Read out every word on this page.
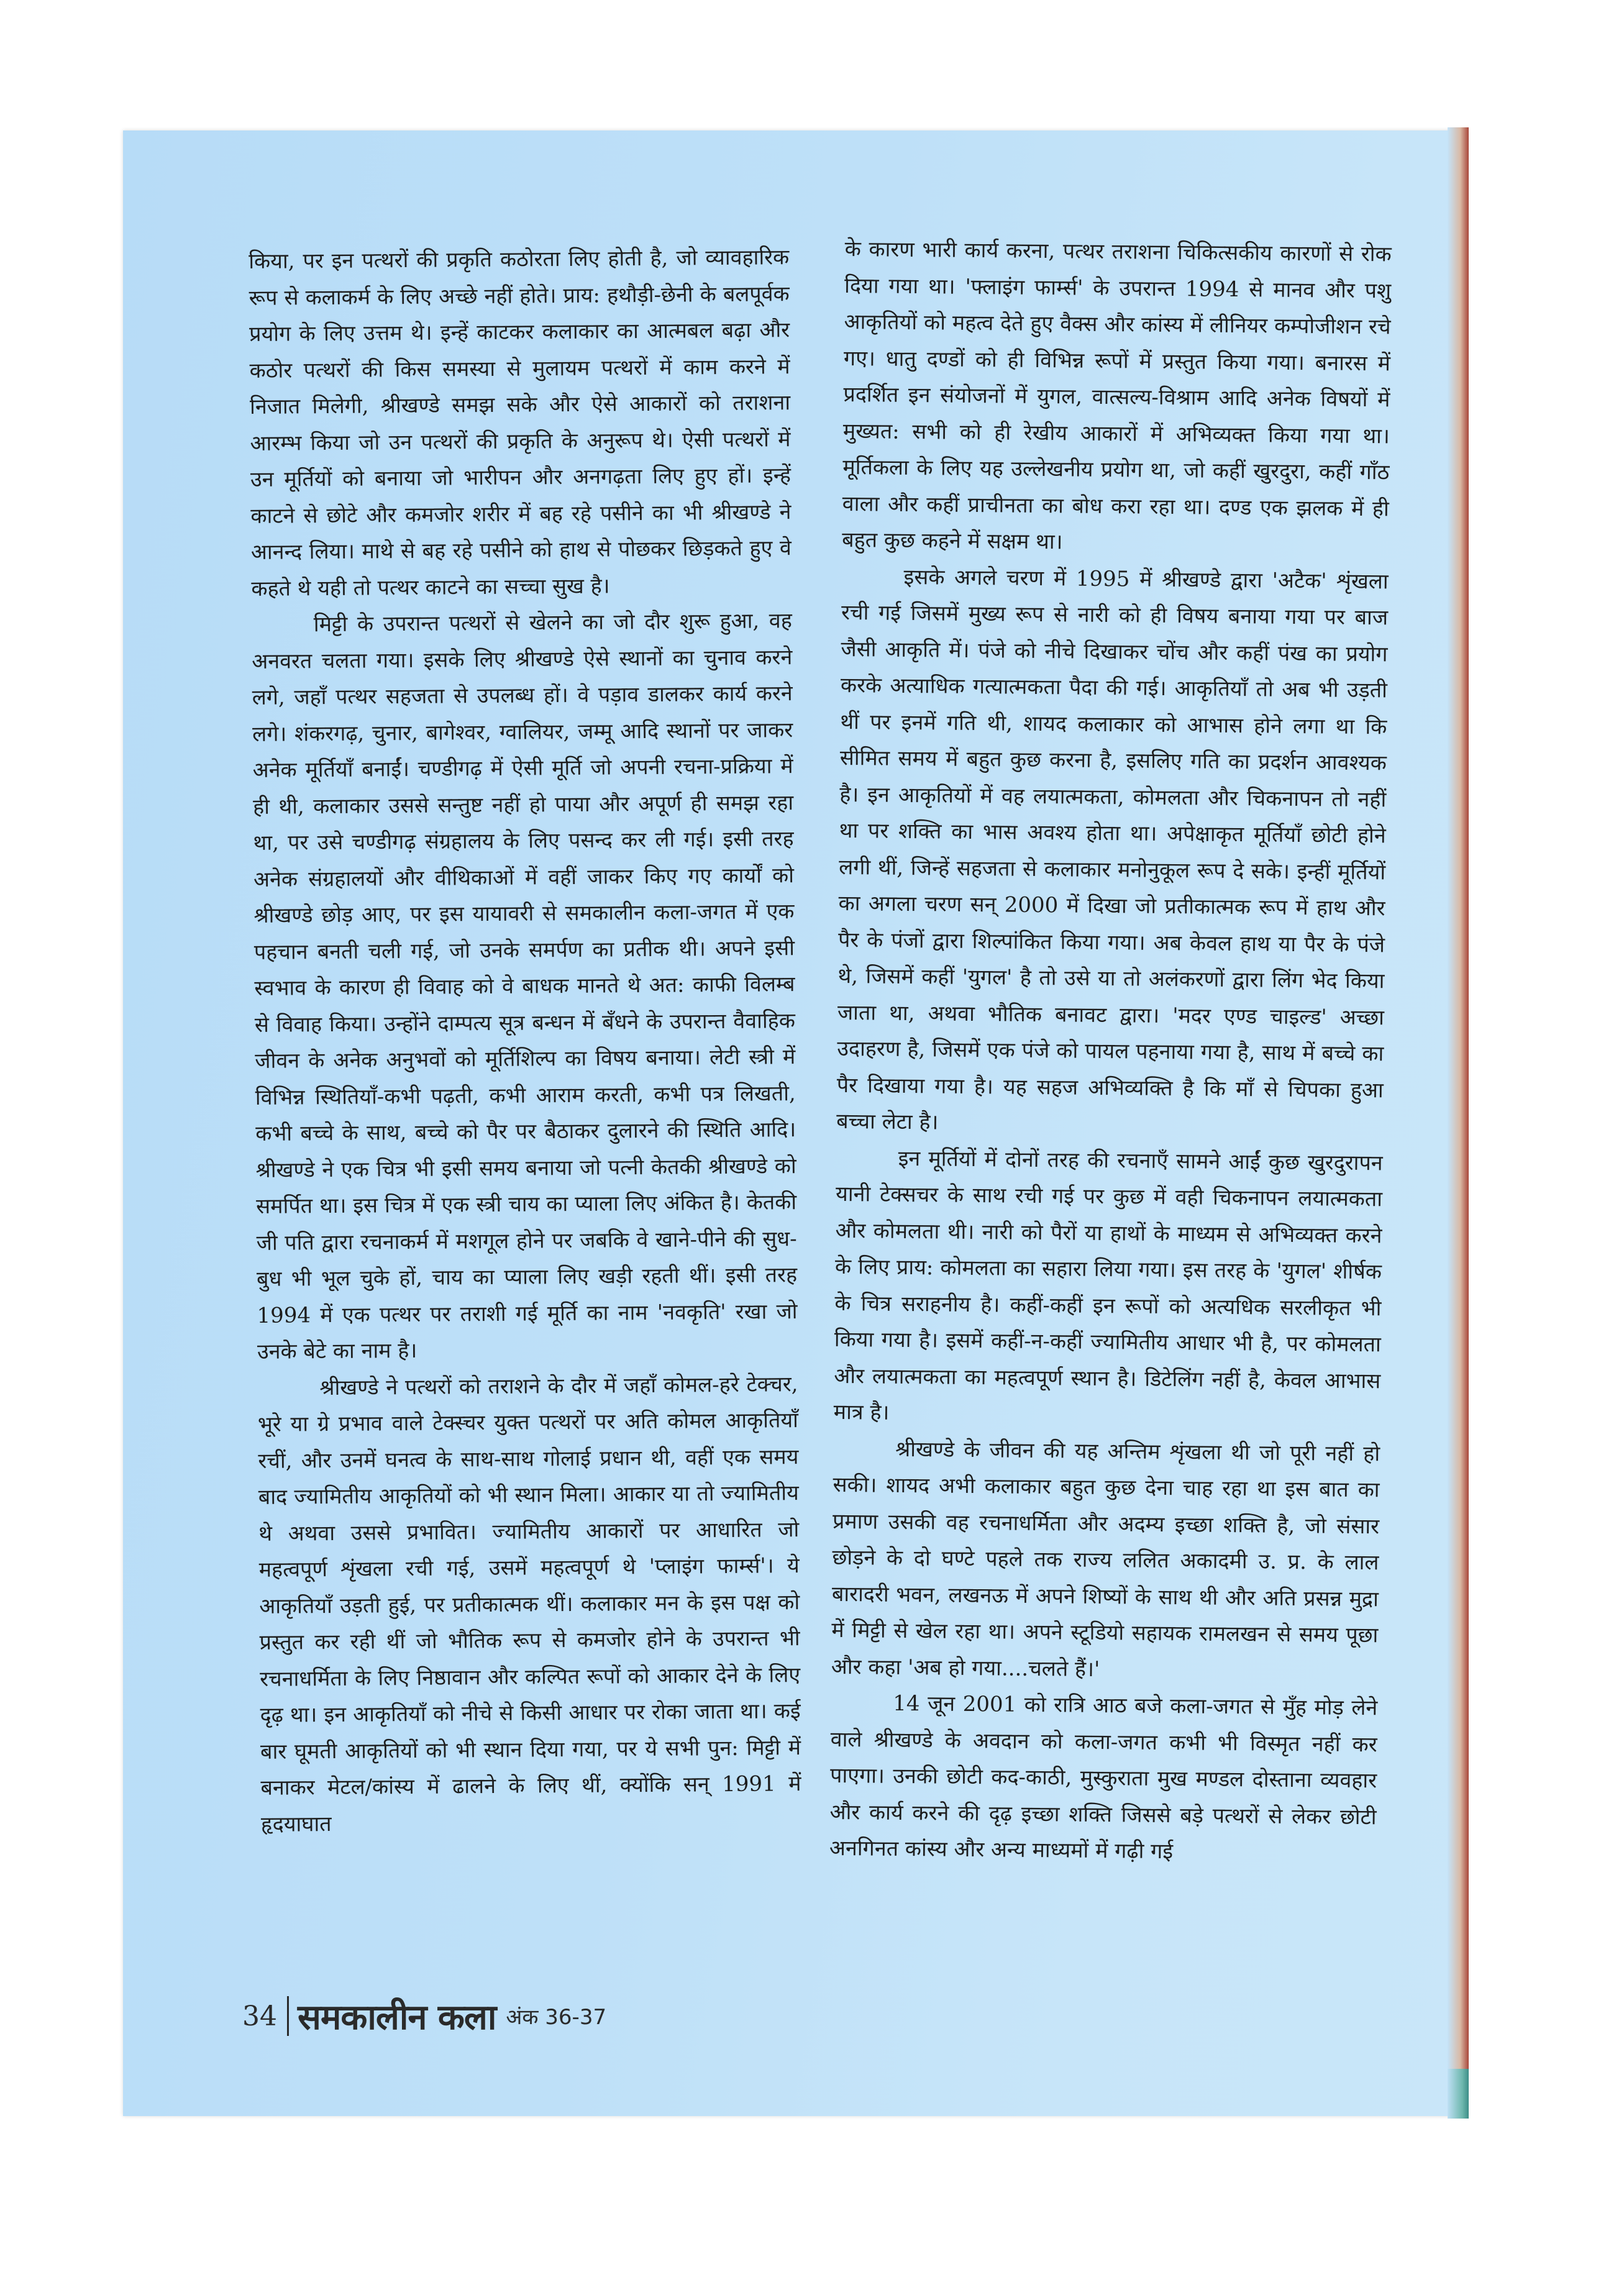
किया, पर इन पत्थरों की प्रकृति कठोरता लिए होती है, जो व्यावहारिक रूप से कलाकर्म के लिए अच्छे नहीं होते। प्राय: हथौड़ी-छेनी के बलपूर्वक प्रयोग के लिए उत्तम थे। इन्हें काटकर कलाकार का आत्मबल बढ़ा और कठोर पत्थरों की किस समस्या से मुलायम पत्थरों में काम करने में निजात मिलेगी, श्रीखण्डे समझ सके और ऐसे आकारों को तराशना आरम्भ किया जो उन पत्थरों की प्रकृति के अनुरूप थे। ऐसी पत्थरों में उन मूर्तियों को बनाया जो भारीपन और अनगढ़ता लिए हुए हों। इन्हें काटने से छोटे और कमजोर शरीर में बह रहे पसीने का भी श्रीखण्डे ने आनन्द लिया। माथे से बह रहे पसीने को हाथ से पोछकर छिड़कते हुए वे कहते थे यही तो पत्थर काटने का सच्चा सुख है।

मिट्टी के उपरान्त पत्थरों से खेलने का जो दौर शुरू हुआ, वह अनवरत चलता गया। इसके लिए श्रीखण्डे ऐसे स्थानों का चुनाव करने लगे, जहाँ पत्थर सहजता से उपलब्ध हों। वे पड़ाव डालकर कार्य करने लगे। शंकरगढ़, चुनार, बागेश्वर, ग्वालियर, जम्मू आदि स्थानों पर जाकर अनेक मूर्तियाँ बनाईं। चण्डीगढ़ में ऐसी मूर्ति जो अपनी रचना-प्रक्रिया में ही थी, कलाकार उससे सन्तुष्ट नहीं हो पाया और अपूर्ण ही समझ रहा था, पर उसे चण्डीगढ़ संग्रहालय के लिए पसन्द कर ली गई। इसी तरह अनेक संग्रहालयों और वीथिकाओं में वहीं जाकर किए गए कार्यों को श्रीखण्डे छोड़ आए, पर इस यायावरी से समकालीन कला-जगत में एक पहचान बनती चली गई, जो उनके समर्पण का प्रतीक थी। अपने इसी स्वभाव के कारण ही विवाह को वे बाधक मानते थे अत: काफी विलम्ब से विवाह किया। उन्होंने दाम्पत्य सूत्र बन्धन में बँधने के उपरान्त वैवाहिक जीवन के अनेक अनुभवों को मूर्तिशिल्प का विषय बनाया। लेटी स्त्री में विभिन्न स्थितियाँ-कभी पढ़ती, कभी आराम करती, कभी पत्र लिखती, कभी बच्चे के साथ, बच्चे को पैर पर बैठाकर दुलारने की स्थिति आदि। श्रीखण्डे ने एक चित्र भी इसी समय बनाया जो पत्नी केतकी श्रीखण्डे को समर्पित था। इस चित्र में एक स्त्री चाय का प्याला लिए अंकित है। केतकी जी पति द्वारा रचनाकर्म में मशगूल होने पर जबकि वे खाने-पीने की सुध-बुध भी भूल चुके हों, चाय का प्याला लिए खड़ी रहती थीं। इसी तरह 1994 में एक पत्थर पर तराशी गई मूर्ति का नाम 'नवकृति' रखा जो उनके बेटे का नाम है।

श्रीखण्डे ने पत्थरों को तराशने के दौर में जहाँ कोमल-हरे टेक्चर, भूरे या ग्रे प्रभाव वाले टेक्स्चर युक्त पत्थरों पर अति कोमल आकृतियाँ रचीं, और उनमें घनत्व के साथ-साथ गोलाई प्रधान थी, वहीं एक समय बाद ज्यामितीय आकृतियों को भी स्थान मिला। आकार या तो ज्यामितीय थे अथवा उससे प्रभावित। ज्यामितीय आकारों पर आधारित जो महत्वपूर्ण शृंखला रची गई, उसमें महत्वपूर्ण थे 'प्लाइंग फार्म्स'। ये आकृतियाँ उड़ती हुई, पर प्रतीकात्मक थीं। कलाकार मन के इस पक्ष को प्रस्तुत कर रही थीं जो भौतिक रूप से कमजोर होने के उपरान्त भी रचनाधर्मिता के लिए निष्ठावान और कल्पित रूपों को आकार देने के लिए दृढ़ था। इन आकृतियाँ को नीचे से किसी आधार पर रोका जाता था। कई बार घूमती आकृतियों को भी स्थान दिया गया, पर ये सभी पुन: मिट्टी में बनाकर मेटल/कांस्य में ढालने के लिए थीं, क्योंकि सन् 1991 में हृदयाघात

के कारण भारी कार्य करना, पत्थर तराशना चिकित्सकीय कारणों से रोक दिया गया था। 'फ्लाइंग फार्म्स' के उपरान्त 1994 से मानव और पशु आकृतियों को महत्व देते हुए वैक्स और कांस्य में लीनियर कम्पोजीशन रचे गए। धातु दण्डों को ही विभिन्न रूपों में प्रस्तुत किया गया। बनारस में प्रदर्शित इन संयोजनों में युगल, वात्सल्य-विश्राम आदि अनेक विषयों में मुख्यत: सभी को ही रेखीय आकारों में अभिव्यक्त किया गया था। मूर्तिकला के लिए यह उल्लेखनीय प्रयोग था, जो कहीं खुरदुरा, कहीं गाँठ वाला और कहीं प्राचीनता का बोध करा रहा था। दण्ड एक झलक में ही बहुत कुछ कहने में सक्षम था।

इसके अगले चरण में 1995 में श्रीखण्डे द्वारा 'अटैक' शृंखला रची गई जिसमें मुख्य रूप से नारी को ही विषय बनाया गया पर बाज जैसी आकृति में। पंजे को नीचे दिखाकर चोंच और कहीं पंख का प्रयोग करके अत्याधिक गत्यात्मकता पैदा की गई। आकृतियाँ तो अब भी उड़ती थीं पर इनमें गति थी, शायद कलाकार को आभास होने लगा था कि सीमित समय में बहुत कुछ करना है, इसलिए गति का प्रदर्शन आवश्यक है। इन आकृतियों में वह लयात्मकता, कोमलता और चिकनापन तो नहीं था पर शक्ति का भास अवश्य होता था। अपेक्षाकृत मूर्तियाँ छोटी होने लगी थीं, जिन्हें सहजता से कलाकार मनोनुकूल रूप दे सके। इन्हीं मूर्तियों का अगला चरण सन् 2000 में दिखा जो प्रतीकात्मक रूप में हाथ और पैर के पंजों द्वारा शिल्पांकित किया गया। अब केवल हाथ या पैर के पंजे थे, जिसमें कहीं 'युगल' है तो उसे या तो अलंकरणों द्वारा लिंग भेद किया जाता था, अथवा भौतिक बनावट द्वारा। 'मदर एण्ड चाइल्ड' अच्छा उदाहरण है, जिसमें एक पंजे को पायल पहनाया गया है, साथ में बच्चे का पैर दिखाया गया है। यह सहज अभिव्यक्ति है कि माँ से चिपका हुआ बच्चा लेटा है।

इन मूर्तियों में दोनों तरह की रचनाएँ सामने आईं कुछ खुरदुरापन यानी टेक्सचर के साथ रची गई पर कुछ में वही चिकनापन लयात्मकता और कोमलता थी। नारी को पैरों या हाथों के माध्यम से अभिव्यक्त करने के लिए प्राय: कोमलता का सहारा लिया गया। इस तरह के 'युगल' शीर्षक के चित्र सराहनीय है। कहीं-कहीं इन रूपों को अत्यधिक सरलीकृत भी किया गया है। इसमें कहीं-न-कहीं ज्यामितीय आधार भी है, पर कोमलता और लयात्मकता का महत्वपूर्ण स्थान है। डिटेलिंग नहीं है, केवल आभास मात्र है।

श्रीखण्डे के जीवन की यह अन्तिम शृंखला थी जो पूरी नहीं हो सकी। शायद अभी कलाकार बहुत कुछ देना चाह रहा था इस बात का प्रमाण उसकी वह रचनाधर्मिता और अदम्य इच्छा शक्ति है, जो संसार छोड़ने के दो घण्टे पहले तक राज्य ललित अकादमी उ. प्र. के लाल बारादरी भवन, लखनऊ में अपने शिष्यों के साथ थी और अति प्रसन्न मुद्रा में मिट्टी से खेल रहा था। अपने स्टूडियो सहायक रामलखन से समय पूछा और कहा 'अब हो गया....चलते हैं।'

14 जून 2001 को रात्रि आठ बजे कला-जगत से मुँह मोड़ लेने वाले श्रीखण्डे के अवदान को कला-जगत कभी भी विस्मृत नहीं कर पाएगा। उनकी छोटी कद-काठी, मुस्कुराता मुख मण्डल दोस्ताना व्यवहार और कार्य करने की दृढ़ इच्छा शक्ति जिससे बड़े पत्थरों से लेकर छोटी अनगिनत कांस्य और अन्य माध्यमों में गढ़ी गई

34 समकालीन कला अंक 36-37
